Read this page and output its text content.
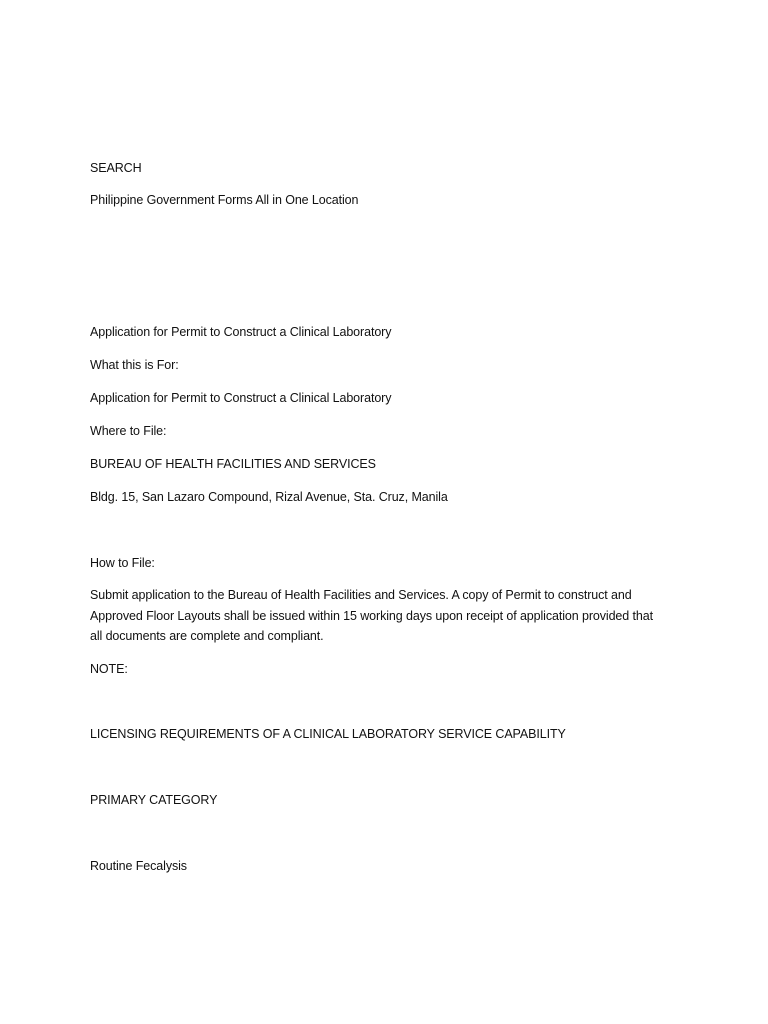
SEARCH

Philippine Government Forms All in One Location

Application for Permit to Construct a Clinical Laboratory

What this is For:

Application for Permit to Construct a Clinical Laboratory

Where to File:

BUREAU OF HEALTH FACILITIES AND SERVICES

Bldg. 15, San Lazaro Compound, Rizal Avenue, Sta. Cruz, Manila

How to File:

Submit application to the Bureau of Health Facilities and Services. A copy of Permit to construct and
Approved Floor Layouts shall be issued within 15 working days upon receipt of application provided that
all documents are complete and compliant.

NOTE:

LICENSING REQUIREMENTS OF A CLINICAL LABORATORY SERVICE CAPABILITY

PRIMARY CATEGORY

Routine Fecalysis
